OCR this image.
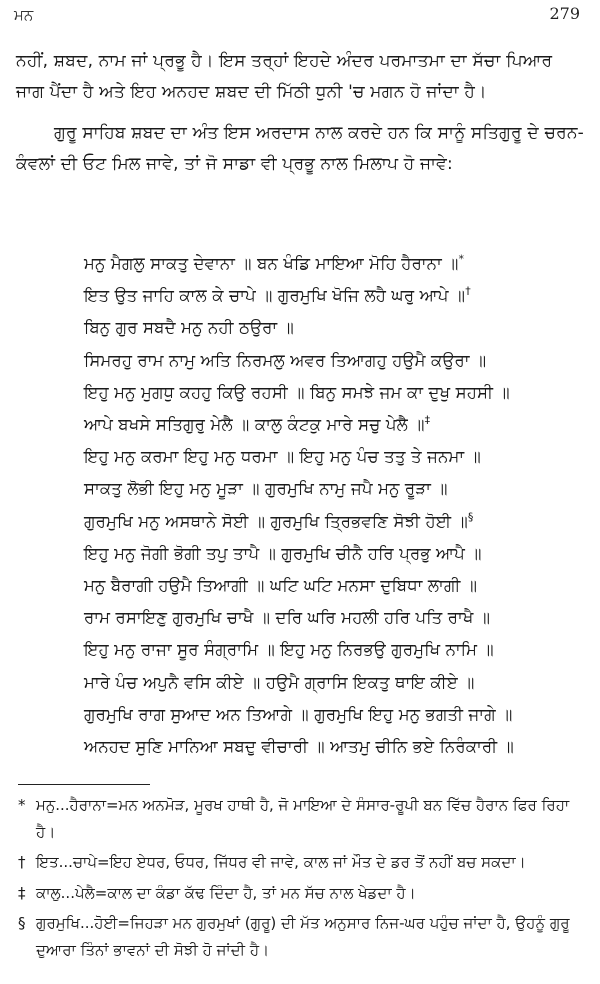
ਮਨ	279

ਨਹੀਂ, ਸ਼ਬਦ, ਨਾਮ ਜਾਂ ਪ੍ਰਭੂ ਹੈ। ਇਸ ਤਰ੍ਹਾਂ ਇਹਦੇ ਅੰਦਰ ਪਰਮਾਤਮਾ ਦਾ ਸੱਚਾ ਪਿਆਰ ਜਾਗ ਪੈਂਦਾ ਹੈ ਅਤੇ ਇਹ ਅਨਹਦ ਸ਼ਬਦ ਦੀ ਮਿੱਠੀ ਧੁਨੀ 'ਚ ਮਗਨ ਹੋ ਜਾਂਦਾ ਹੈ।

ਗੁਰੂ ਸਾਹਿਬ ਸ਼ਬਦ ਦਾ ਅੰਤ ਇਸ ਅਰਦਾਸ ਨਾਲ ਕਰਦੇ ਹਨ ਕਿ ਸਾਨੂੰ ਸਤਿਗੁਰੂ ਦੇ ਚਰਨ-ਕੰਵਲਾਂ ਦੀ ਓਟ ਮਿਲ ਜਾਵੇ, ਤਾਂ ਜੋ ਸਾਡਾ ਵੀ ਪ੍ਰਭੂ ਨਾਲ ਮਿਲਾਪ ਹੋ ਜਾਵੇ:

ਮਨੁ ਮੈਗਲੁ ਸਾਕਤੁ ਦੇਵਾਨਾ ॥ ਬਨ ਖੰਡਿ ਮਾਇਆ ਮੋਹਿ ਹੈਰਾਨਾ ॥*
ਇਤ ਉਤ ਜਾਹਿ ਕਾਲ ਕੇ ਚਾਪੇ ॥ ਗੁਰਮੁਖਿ ਖੋਜਿ ਲਹੈ ਘਰੁ ਆਪੇ ॥†
ਬਿਨੁ ਗੁਰ ਸਬਦੈ ਮਨੁ ਨਹੀ ਠਉਰਾ ॥
ਸਿਮਰਹੁ ਰਾਮ ਨਾਮੁ ਅਤਿ ਨਿਰਮਲੁ ਅਵਰ ਤਿਆਗਹੁ ਹਉਮੈ ਕਉਰਾ ॥
ਇਹੁ ਮਨੁ ਮੁਗਧੁ ਕਹਹੁ ਕਿਉ ਰਹਸੀ ॥ ਬਿਨੁ ਸਮਝੇ ਜਮ ਕਾ ਦੁਖੁ ਸਹਸੀ ॥
ਆਪੇ ਬਖਸੇ ਸਤਿਗੁਰੁ ਮੇਲੈ ॥ ਕਾਲੁ ਕੰਟਕੁ ਮਾਰੇ ਸਚੁ ਪੇਲੈ ॥‡
ਇਹੁ ਮਨੁ ਕਰਮਾ ਇਹੁ ਮਨੁ ਧਰਮਾ ॥ ਇਹੁ ਮਨੁ ਪੰਚ ਤਤੁ ਤੇ ਜਨਮਾ ॥
ਸਾਕਤੁ ਲੋਭੀ ਇਹੁ ਮਨੁ ਮੂੜਾ ॥ ਗੁਰਮੁਖਿ ਨਾਮੁ ਜਪੈ ਮਨੁ ਰੂੜਾ ॥
ਗੁਰਮੁਖਿ ਮਨੁ ਅਸਥਾਨੇ ਸੋਈ ॥ ਗੁਰਮੁਖਿ ਤ੍ਰਿਭਵਣਿ ਸੋਝੀ ਹੋਈ ॥§
ਇਹੁ ਮਨੁ ਜੋਗੀ ਭੋਗੀ ਤਪੁ ਤਾਪੈ ॥ ਗੁਰਮੁਖਿ ਚੀਨੈ ਹਰਿ ਪ੍ਰਭੁ ਆਪੈ ॥
ਮਨੁ ਬੈਰਾਗੀ ਹਉਮੈ ਤਿਆਗੀ ॥ ਘਟਿ ਘਟਿ ਮਨਸਾ ਦੁਬਿਧਾ ਲਾਗੀ ॥
ਰਾਮ ਰਸਾਇਣੁ ਗੁਰਮੁਖਿ ਚਾਖੈ ॥ ਦਰਿ ਘਰਿ ਮਹਲੀ ਹਰਿ ਪਤਿ ਰਾਖੈ ॥
ਇਹੁ ਮਨੁ ਰਾਜਾ ਸੂਰ ਸੰਗ੍ਰਾਮਿ ॥ ਇਹੁ ਮਨੁ ਨਿਰਭਉ ਗੁਰਮੁਖਿ ਨਾਮਿ ॥
ਮਾਰੇ ਪੰਚ ਅਪੁਨੈ ਵਸਿ ਕੀਏ ॥ ਹਉਮੈ ਗ੍ਰਾਸਿ ਇਕਤੁ ਥਾਇ ਕੀਏ ॥
ਗੁਰਮੁਖਿ ਰਾਗ ਸੁਆਦ ਅਨ ਤਿਆਗੇ ॥ ਗੁਰਮੁਖਿ ਇਹੁ ਮਨੁ ਭਗਤੀ ਜਾਗੇ ॥
ਅਨਹਦ ਸੁਣਿ ਮਾਨਿਆ ਸਬਦੁ ਵੀਚਾਰੀ ॥ ਆਤਮੁ ਚੀਨਿ ਭਏ ਨਿਰੰਕਾਰੀ ॥
* ਮਨੁ...ਹੈਰਾਨਾ=ਮਨ ਅਨਮੋੜ, ਮੂਰਖ ਹਾਥੀ ਹੈ, ਜੋ ਮਾਇਆ ਦੇ ਸੰਸਾਰ-ਰੂਪੀ ਬਨ ਵਿੱਚ ਹੈਰਾਨ ਫਿਰ ਰਿਹਾ ਹੈ।
† ਇਤ...ਚਾਪੇ=ਇਹ ਏਧਰ, ਓਧਰ, ਜਿੱਧਰ ਵੀ ਜਾਵੇ, ਕਾਲ ਜਾਂ ਮੌਤ ਦੇ ਡਰ ਤੋਂ ਨਹੀਂ ਬਚ ਸਕਦਾ।
‡ ਕਾਲੁ...ਪੇਲੈ=ਕਾਲ ਦਾ ਕੰਡਾ ਕੱਢ ਦਿੰਦਾ ਹੈ, ਤਾਂ ਮਨ ਸੱਚ ਨਾਲ ਖੇਡਦਾ ਹੈ।
§ ਗੁਰਮੁਖਿ...ਹੋਈ=ਜਿਹੜਾ ਮਨ ਗੁਰਮੁਖਾਂ (ਗੁਰੂ) ਦੀ ਮੱਤ ਅਨੁਸਾਰ ਨਿਜ-ਘਰ ਪਹੁੰਚ ਜਾਂਦਾ ਹੈ, ਉਹਨੂੰ ਗੁਰੂ ਦੁਆਰਾ ਤਿੰਨਾਂ ਭਾਵਨਾਂ ਦੀ ਸੋਝੀ ਹੋ ਜਾਂਦੀ ਹੈ।
